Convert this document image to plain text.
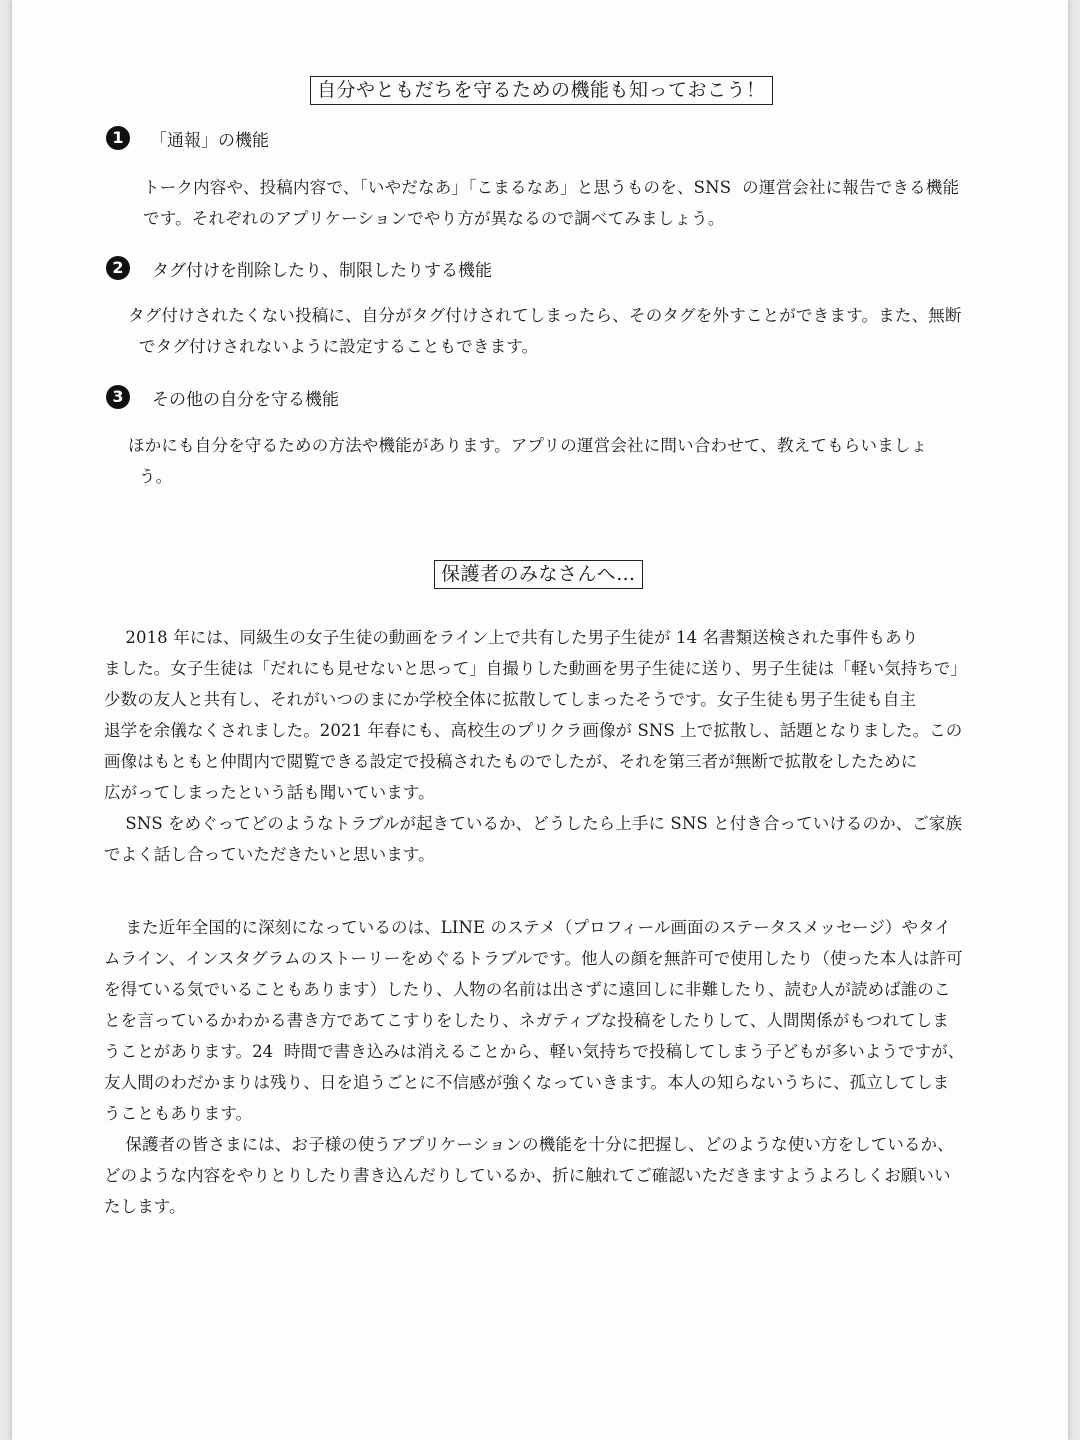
自分やともだちを守るための機能も知っておこう！
1	「通報」の機能
トーク内容や、投稿内容で、「いやだなあ」「こまるなあ」と思うものを、SNS  の運営会社に報告できる機能
です。それぞれのアプリケーションでやり方が異なるので調べてみましょう。
2	タグ付けを削除したり、制限したりする機能
タグ付けされたくない投稿に、自分がタグ付けされてしまったら、そのタグを外すことができます。また、無断
でタグ付けされないように設定することもできます。
3	その他の自分を守る機能
ほかにも自分を守るための方法や機能があります。アプリの運営会社に問い合わせて、教えてもらいましょ
う。
保護者のみなさんへ…
2018 年には、同級生の女子生徒の動画をライン上で共有した男子生徒が 14 名書類送検された事件もあり
ました。女子生徒は「だれにも見せないと思って」自撮りした動画を男子生徒に送り、男子生徒は「軽い気持ちで」
少数の友人と共有し、それがいつのまにか学校全体に拡散してしまったそうです。女子生徒も男子生徒も自主
退学を余儀なくされました。2021 年春にも、高校生のプリクラ画像が SNS 上で拡散し、話題となりました。この
画像はもともと仲間内で閲覧できる設定で投稿されたものでしたが、それを第三者が無断で拡散をしたために
広がってしまったという話も聞いています。
SNS をめぐってどのようなトラブルが起きているか、どうしたら上手に SNS と付き合っていけるのか、ご家族
でよく話し合っていただきたいと思います。
また近年全国的に深刻になっているのは、LINE のステメ（プロフィール画面のステータスメッセージ）やタイ
ムライン、インスタグラムのストーリーをめぐるトラブルです。他人の顔を無許可で使用したり（使った本人は許可
を得ている気でいることもあります）したり、人物の名前は出さずに遠回しに非難したり、読む人が読めば誰のこ
とを言っているかわかる書き方であてこすりをしたり、ネガティブな投稿をしたりして、人間関係がもつれてしま
うことがあります。24  時間で書き込みは消えることから、軽い気持ちで投稿してしまう子どもが多いようですが、
友人間のわだかまりは残り、日を追うごとに不信感が強くなっていきます。本人の知らないうちに、孤立してしま
うこともあります。
保護者の皆さまには、お子様の使うアプリケーションの機能を十分に把握し、どのような使い方をしているか、
どのような内容をやりとりしたり書き込んだりしているか、折に触れてご確認いただきますようよろしくお願いい
たします。
